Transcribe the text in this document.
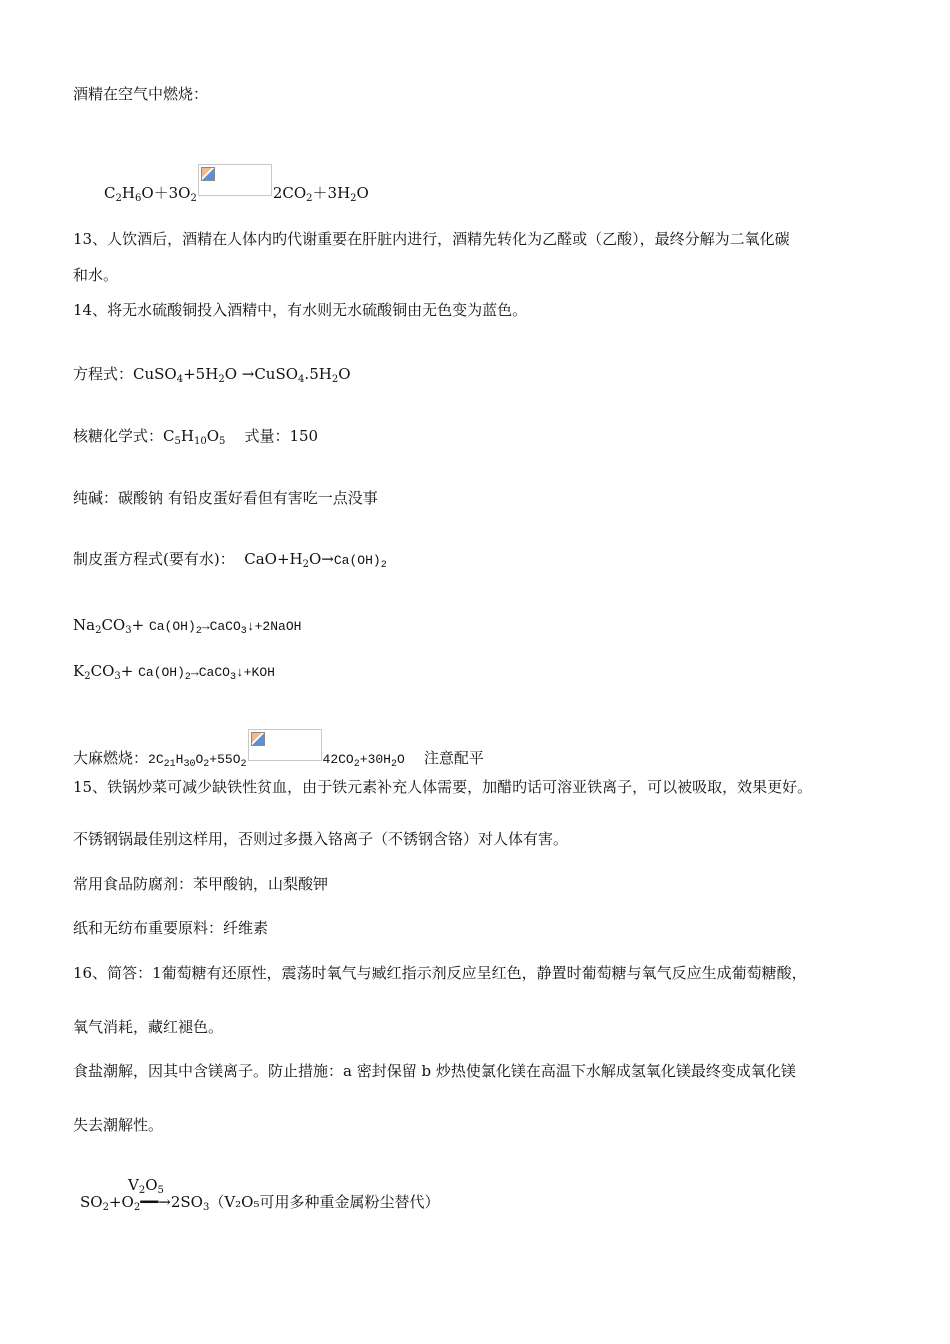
酒精在空气中燃烧：
$C_2H_6O+3O_2$	$2CO_2+3H_2O$
13、人饮酒后，酒精在人体内旳代谢重要在肝脏内进行，酒精先转化为乙醛或（乙酸），最终分解为二氧化碳
和水。
14、将无水硫酸铜投入酒精中，有水则无水硫酸铜由无色变为蓝色。
方程式：$CuSO_4+5H_2O$ $\to CuSO_4.5H_2O$
核糖化学式：$C_5H_{10}O_5$ 式量：150
纯碱：碳酸钠 有铅皮蛋好看但有害吃一点没事
制皮蛋方程式(要有水)：  $CaO+H_2O\to Ca(OH)_2$
$Na_2CO_3+$ $Ca(OH)_2\to CaCO_3↓+2NaOH$
$K_2CO_3+$ $Ca(OH)_2\to CaCO_3↓+KOH$
大麻燃烧：$2C_{21}H_{30}O_2+55O_2$	$42CO_2+30H_2O$ 注意配平
15、铁锅炒菜可减少缺铁性贫血，由于铁元素补充人体需要，加醋旳话可溶亚铁离子，可以被吸取，效果更好。
不锈钢锅最佳别这样用，否则过多摄入铬离子（不锈钢含铬）对人体有害。
常用食品防腐剂：苯甲酸钠，山梨酸钾
纸和无纺布重要原料：纤维素
16、简答：1葡萄糖有还原性，震荡时氧气与臧红指示剂反应呈红色，静置时葡萄糖与氧气反应生成葡萄糖酸，
氧气消耗，藏红褪色。
食盐潮解，因其中含镁离子。防止措施：a 密封保留 b 炒热使氯化镁在高温下水解成氢氧化镁最终变成氧化镁
失去潮解性。
$V_2O_5$
$SO_2+O_2━━\to 2SO_3(V_2O_5$可用多种重金属粉尘替代）
